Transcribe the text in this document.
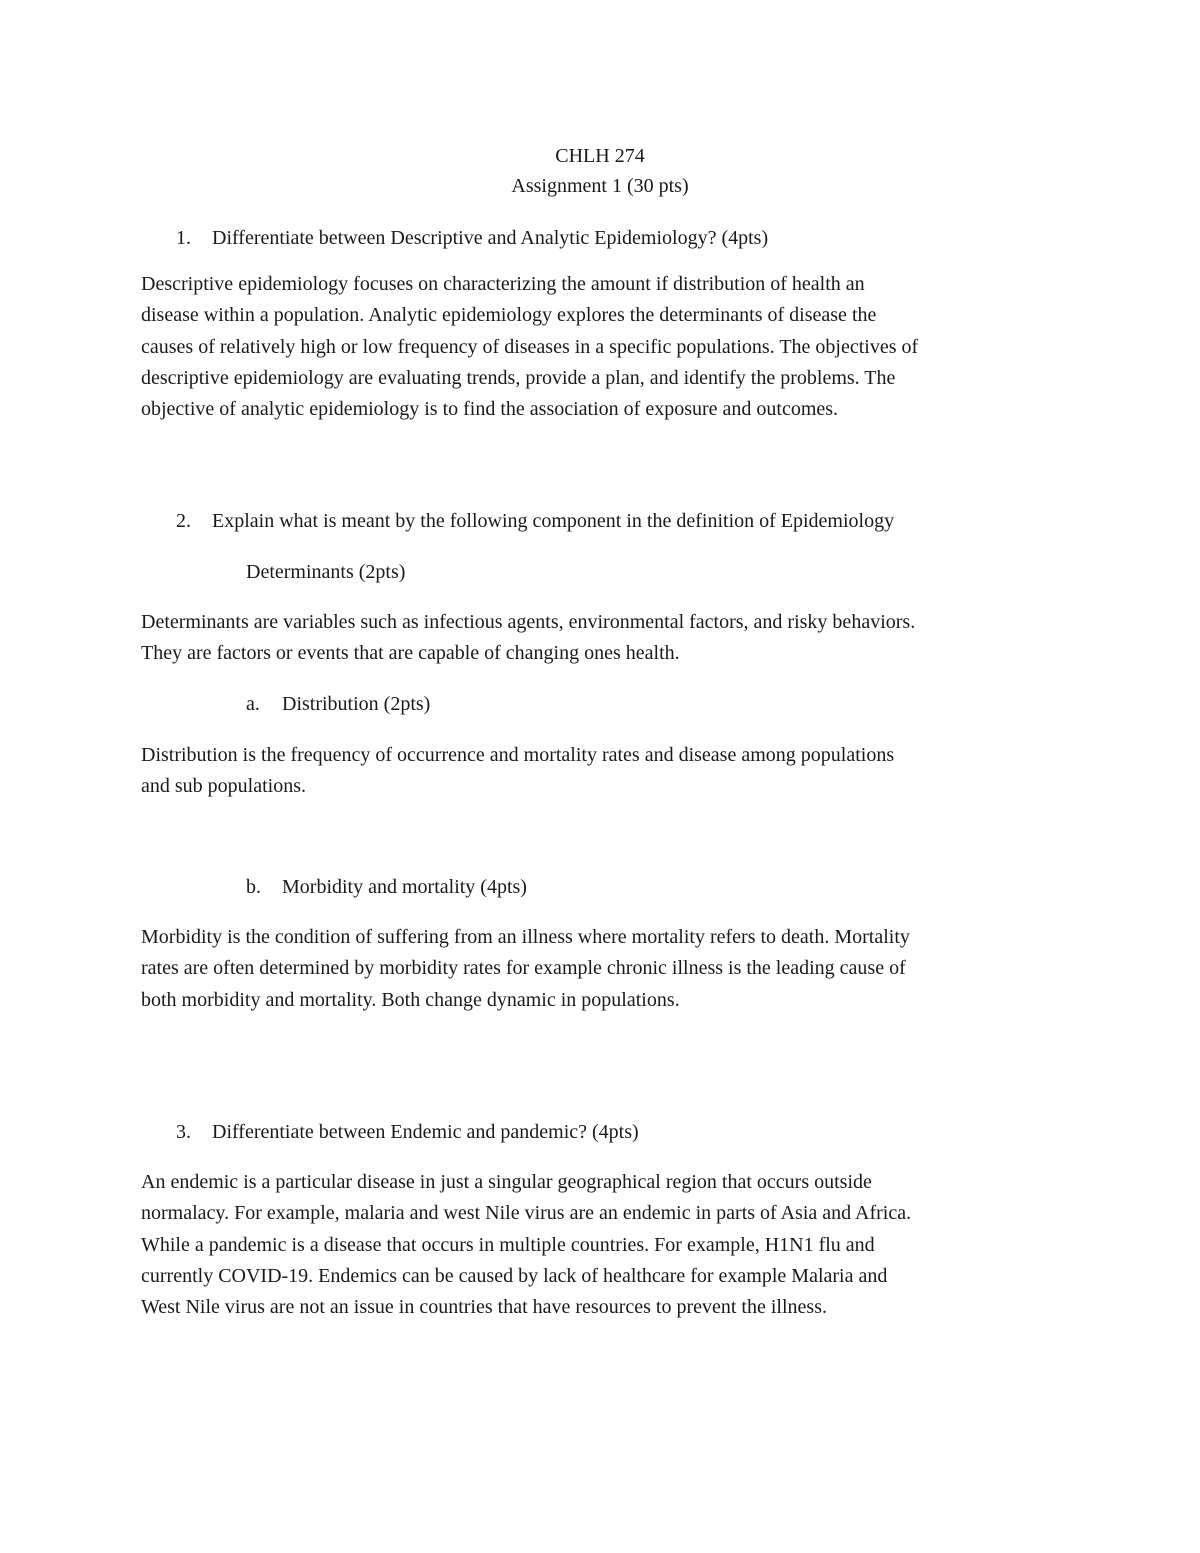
CHLH 274
Assignment 1 (30 pts)
1. Differentiate between Descriptive and Analytic Epidemiology? (4pts)
Descriptive epidemiology focuses on characterizing the amount if distribution of health an
disease within a population. Analytic epidemiology explores the determinants of disease the
causes of relatively high or low frequency of diseases in a specific populations. The objectives of
descriptive epidemiology are evaluating trends, provide a plan, and identify the problems. The
objective of analytic epidemiology is to find the association of exposure and outcomes.
2. Explain what is meant by the following component in the definition of Epidemiology
Determinants (2pts)
Determinants are variables such as infectious agents, environmental factors, and risky behaviors.
They are factors or events that are capable of changing ones health.
a. Distribution (2pts)
Distribution is the frequency of occurrence and mortality rates and disease among populations
and sub populations.
b. Morbidity and mortality (4pts)
Morbidity is the condition of suffering from an illness where mortality refers to death. Mortality
rates are often determined by morbidity rates for example chronic illness is the leading cause of
both morbidity and mortality. Both change dynamic in populations.
3. Differentiate between Endemic and pandemic? (4pts)
An endemic is a particular disease in just a singular geographical region that occurs outside
normalacy. For example, malaria and west Nile virus are an endemic in parts of Asia and Africa.
While a pandemic is a disease that occurs in multiple countries. For example, H1N1 flu and
currently COVID-19. Endemics can be caused by lack of healthcare for example Malaria and
West Nile virus are not an issue in countries that have resources to prevent the illness.
